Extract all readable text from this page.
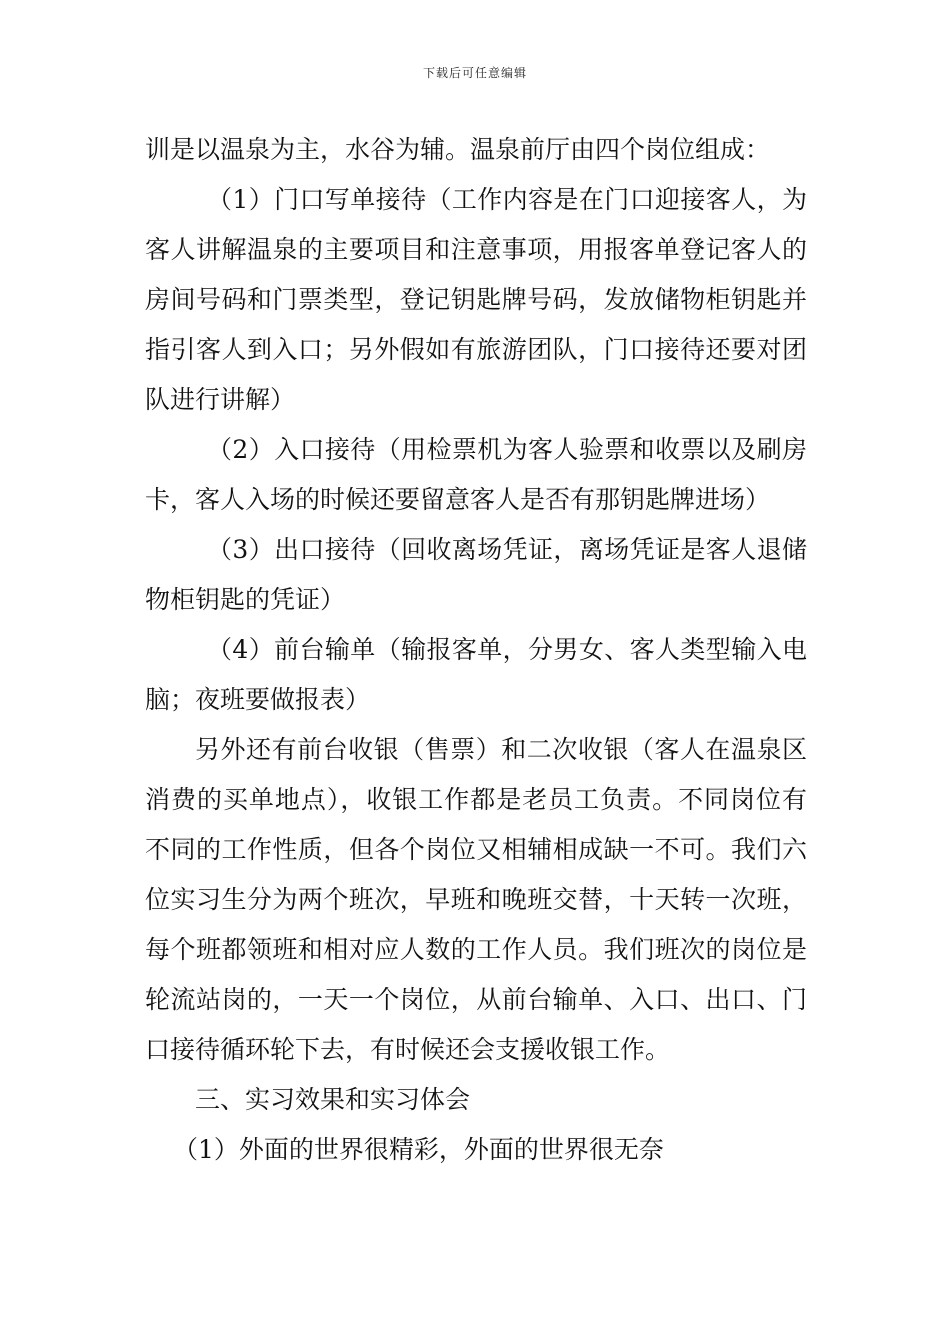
下载后可任意编辑

训是以温泉为主，水谷为辅。温泉前厅由四个岗位组成：

（1）门口写单接待（工作内容是在门口迎接客人，为客人讲解温泉的主要项目和注意事项，用报客单登记客人的房间号码和门票类型，登记钥匙牌号码，发放储物柜钥匙并指引客人到入口；另外假如有旅游团队，门口接待还要对团队进行讲解）

（2）入口接待（用检票机为客人验票和收票以及刷房卡，客人入场的时候还要留意客人是否有那钥匙牌进场）

（3）出口接待（回收离场凭证，离场凭证是客人退储物柜钥匙的凭证）

（4）前台输单（输报客单，分男女、客人类型输入电脑；夜班要做报表）

另外还有前台收银（售票）和二次收银（客人在温泉区消费的买单地点），收银工作都是老员工负责。不同岗位有不同的工作性质，但各个岗位又相辅相成缺一不可。我们六位实习生分为两个班次，早班和晚班交替，十天转一次班，每个班都领班和相对应人数的工作人员。我们班次的岗位是轮流站岗的，一天一个岗位，从前台输单、入口、出口、门口接待循环轮下去，有时候还会支援收银工作。

三、实习效果和实习体会

（1）外面的世界很精彩，外面的世界很无奈
